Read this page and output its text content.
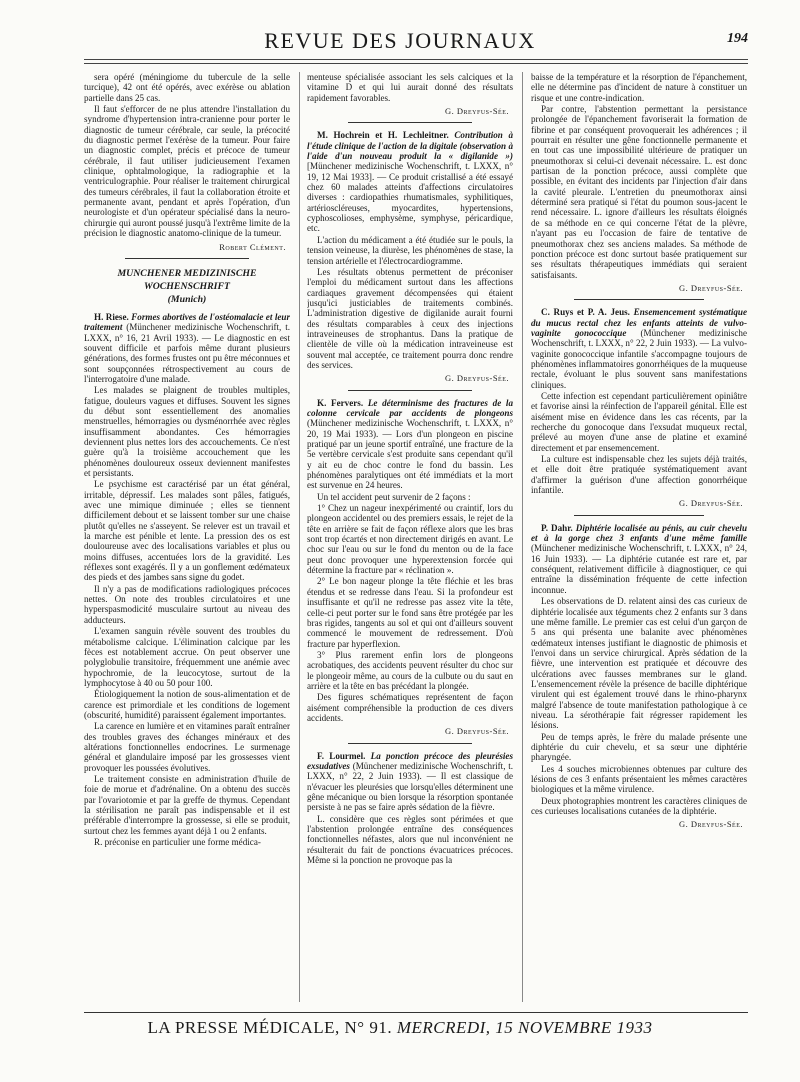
REVUE DES JOURNAUX	194

sera opéré (méningiome du tubercule de la selle turcique), 42 ont été opérés, avec exérèse ou ablation partielle dans 25 cas.

Il faut s'efforcer de ne plus attendre l'installation du syndrome d'hypertension intra-cranienne pour porter le diagnostic de tumeur cérébrale, car seule, la précocité du diagnostic permet l'exérèse de la tumeur. Pour faire un diagnostic complet, précis et précoce de tumeur cérébrale, il faut utiliser judicieusement l'examen clinique, ophtalmologique, la radiographie et la ventriculographie. Pour réaliser le traitement chirurgical des tumeurs cérébrales, il faut la collaboration étroite et permanente avant, pendant et après l'opération, d'un neurologiste et d'un opérateur spécialisé dans la neuro-chirurgie qui auront poussé jusqu'à l'extrême limite de la précision le diagnostic anatomo-clinique de la tumeur.

Robert Clément.
MUNCHENER MEDIZINISCHE WOCHENSCHRIFT
(Munich)

H. Riese. Formes abortives de l'ostéomalacie et leur traitement (Münchener medizinische Wochenschrift, t. LXXX, n° 16, 21 Avril 1933). — Le diagnostic en est souvent difficile et parfois même durant plusieurs générations, des formes frustes ont pu être méconnues et sont soupçonnées rétrospectivement au cours de l'interrogatoire d'une malade.

Les malades se plaignent de troubles multiples, fatigue, douleurs vagues et diffuses. Souvent les signes du début sont essentiellement des anomalies menstruelles, hémorragies ou dysménorrhée avec règles insuffisamment abondantes. Ces hémorragies deviennent plus nettes lors des accouchements. Ce n'est guère qu'à la troisième accouchement que les phénomènes douloureux osseux deviennent manifestes et persistants.

Le psychisme est caractérisé par un état général, irritable, dépressif. Les malades sont pâles, fatigués, avec une mimique diminuée ; elles se tiennent difficilement debout et se laissent tomber sur une chaise plutôt qu'elles ne s'asseyent. Se relever est un travail et la marche est pénible et lente. La pression des os est douloureuse avec des localisations variables et plus ou moins diffuses, accentuées lors de la gravidité. Les réflexes sont exagérés. Il y a un gonflement œdémateux des pieds et des jambes sans signe du godet.

Il n'y a pas de modifications radiologiques précoces nettes. On note des troubles circulatoires et une hyperspasmodicité musculaire surtout au niveau des adducteurs.

L'examen sanguin révèle souvent des troubles du métabolisme calcique. L'élimination calcique par les fèces est notablement accrue. On peut observer une polyglobulie transitoire, fréquemment une anémie avec hypochromie, de la leucocytose, surtout de la lymphocytose à 40 ou 50 pour 100.

Étiologiquement la notion de sous-alimentation et de carence est primordiale et les conditions de logement (obscurité, humidité) paraissent également importantes.

La carence en lumière et en vitamines paraît entraîner des troubles graves des échanges minéraux et des altérations fonctionnelles endocrines. Le surmenage général et glandulaire imposé par les grossesses vient provoquer les poussées évolutives.

Le traitement consiste en administration d'huile de foie de morue et d'adrénaline. On a obtenu des succès par l'ovariotomie et par la greffe de thymus. Cependant la stérilisation ne paraît pas indispensable et il est préférable d'interrompre la grossesse, si elle se produit, surtout chez les femmes ayant déjà 1 ou 2 enfants.

R. préconise en particulier une forme médica-

menteuse spécialisée associant les sels calciques et la vitamine D et qui lui aurait donné des résultats rapidement favorables.

G. Dreyfus-Sée.

M. Hochrein et H. Lechleitner. Contribution à l'étude clinique de l'action de la digitale (observation à l'aide d'un nouveau produit la « digilanide ») [Münchener medizinische Wochenschrift, t. LXXX, n° 19, 12 Mai 1933]. — Ce produit cristallisé a été essayé chez 60 malades atteints d'affections circulatoires diverses : cardiopathies rhumatismales, syphilitiques, artérioscléreuses, myocardites, hypertensions, cyphoscolioses, emphysème, symphyse, péricardique, etc.

L'action du médicament a été étudiée sur le pouls, la tension veineuse, la diurèse, les phénomènes de stase, la tension artérielle et l'électrocardiogramme.

Les résultats obtenus permettent de préconiser l'emploi du médicament surtout dans les affections cardiaques gravement décompensées qui étaient jusqu'ici justiciables de traitements combinés. L'administration digestive de digilanide aurait fourni des résultats comparables à ceux des injections intraveineuses de strophantus. Dans la pratique de clientèle de ville où la médication intraveineuse est souvent mal acceptée, ce traitement pourra donc rendre des services.

G. Dreyfus-Sée.

K. Fervers. Le déterminisme des fractures de la colonne cervicale par accidents de plongeons (Münchener medizinische Wochenschrift, t. LXXX, n° 20, 19 Mai 1933). — Lors d'un plongeon en piscine pratiqué par un jeune sportif entraîné, une fracture de la 5e vertèbre cervicale s'est produite sans cependant qu'il y ait eu de choc contre le fond du bassin. Les phénomènes paralytiques ont été immédiats et la mort est survenue en 24 heures.

Un tel accident peut survenir de 2 façons :

1° Chez un nageur inexpérimenté ou craintif, lors du plongeon accidentel ou des premiers essais, le rejet de la tête en arrière se fait de façon réflexe alors que les bras sont trop écartés et non directement dirigés en avant. Le choc sur l'eau ou sur le fond du menton ou de la face peut donc provoquer une hyperextension forcée qui détermine la fracture par « réclination ».

2° Le bon nageur plonge la tête fléchie et les bras étendus et se redresse dans l'eau. Si la profondeur est insuffisante et qu'il ne redresse pas assez vite la tête, celle-ci peut porter sur le fond sans être protégée par les bras rigides, tangents au sol et qui ont d'ailleurs souvent commencé le mouvement de redressement. D'où fracture par hyperflexion.

3° Plus rarement enfin lors de plongeons acrobatiques, des accidents peuvent résulter du choc sur le plongeoir même, au cours de la culbute ou du saut en arrière et la tête en bas précédant la plongée.

Des figures schématiques représentent de façon aisément compréhensible la production de ces divers accidents.

G. Dreyfus-Sée.

F. Lourmel. La ponction précoce des pleurésies exsudatives (Münchener medizinische Wochenschrift, t. LXXX, n° 22, 2 Juin 1933). — Il est classique de n'évacuer les pleurésies que lorsqu'elles déterminent une gêne mécanique ou bien lorsque la résorption spontanée persiste à ne pas se faire après sédation de la fièvre.

L. considère que ces règles sont périmées et que l'abstention prolongée entraîne des conséquences fonctionnelles néfastes, alors que nul inconvénient ne résulterait du fait de ponctions évacuatrices précoces. Même si la ponction ne provoque pas la

baisse de la température et la résorption de l'épanchement, elle ne détermine pas d'incident de nature à constituer un risque et une contre-indication.

Par contre, l'abstention permettant la persistance prolongée de l'épanchement favoriserait la formation de fibrine et par conséquent provoquerait les adhérences ; il pourrait en résulter une gêne fonctionnelle permanente et en tout cas une impossibilité ultérieure de pratiquer un pneumothorax si celui-ci devenait nécessaire. L. est donc partisan de la ponction précoce, aussi complète que possible, en évitant des incidents par l'injection d'air dans la cavité pleurale. L'entretien du pneumothorax ainsi déterminé sera pratiqué si l'état du poumon sous-jacent le rend nécessaire. L. ignore d'ailleurs les résultats éloignés de sa méthode en ce qui concerne l'état de la plèvre, n'ayant pas eu l'occasion de faire de tentative de pneumothorax chez ses anciens malades. Sa méthode de ponction précoce est donc surtout basée pratiquement sur ses résultats thérapeutiques immédiats qui seraient satisfaisants.

G. Dreyfus-Sée.

C. Ruys et P. A. Jeus. Ensemencement systématique du mucus rectal chez les enfants atteints de vulvo-vaginite gonococcique (Münchener medizinische Wochenschrift, t. LXXX, n° 22, 2 Juin 1933). — La vulvo-vaginite gonococcique infantile s'accompagne toujours de phénomènes inflammatoires gonorrhéiques de la muqueuse rectale, évoluant le plus souvent sans manifestations cliniques.

Cette infection est cependant particulièrement opiniâtre et favorise ainsi la réinfection de l'appareil génital. Elle est aisément mise en évidence dans les cas récents, par la recherche du gonocoque dans l'exsudat muqueux rectal, prélevé au moyen d'une anse de platine et examiné directement et par ensemencement.

La culture est indispensable chez les sujets déjà traités, et elle doit être pratiquée systématiquement avant d'affirmer la guérison d'une affection gonorrhéique infantile.

G. Dreyfus-Sée.

P. Dahr. Diphtérie localisée au pénis, au cuir chevelu et à la gorge chez 3 enfants d'une même famille (Münchener medizinische Wochenschrift, t. LXXX, n° 24, 16 Juin 1933). — La diphtérie cutanée est rare et, par conséquent, relativement difficile à diagnostiquer, ce qui entraîne la dissémination fréquente de cette infection inconnue.

Les observations de D. relatent ainsi des cas curieux de diphtérie localisée aux téguments chez 2 enfants sur 3 dans une même famille. Le premier cas est celui d'un garçon de 5 ans qui présenta une balanite avec phénomènes œdémateux intenses justifiant le diagnostic de phimosis et l'envoi dans un service chirurgical. Après sédation de la fièvre, une intervention est pratiquée et découvre des ulcérations avec fausses membranes sur le gland. L'ensemencement révèle la présence de bacille diphtérique virulent qui est également trouvé dans le rhino-pharynx malgré l'absence de toute manifestation pathologique à ce niveau. La sérothérapie fait régresser rapidement les lésions.

Peu de temps après, le frère du malade présente une diphtérie du cuir chevelu, et sa sœur une diphtérie pharyngée.

Les 4 souches microbiennes obtenues par culture des lésions de ces 3 enfants présentaient les mêmes caractères biologiques et la même virulence.

Deux photographies montrent les caractères cliniques de ces curieuses localisations cutanées de la diphtérie.

G. Dreyfus-Sée.
LA PRESSE MÉDICALE, N° 91. MERCREDI, 15 NOVEMBRE 1933
